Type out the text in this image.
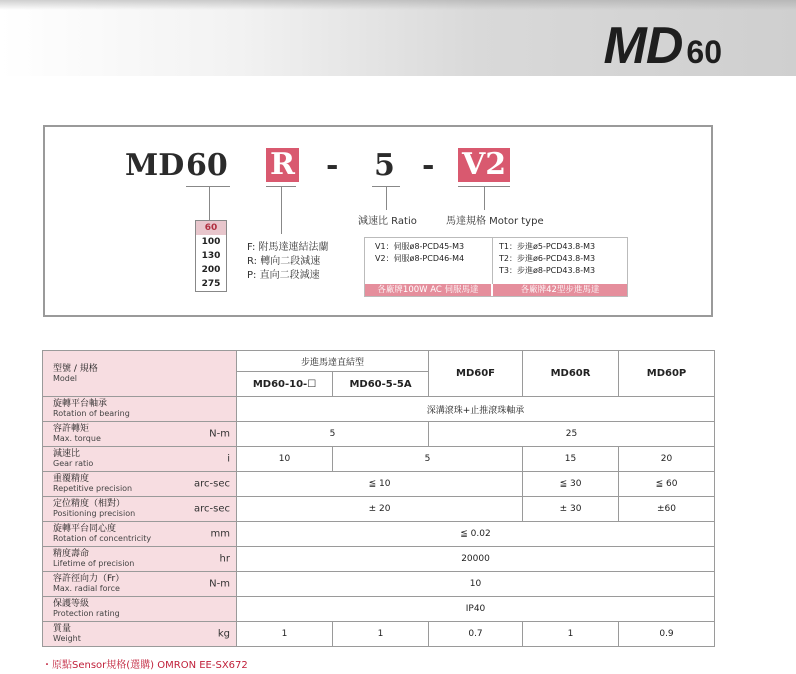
MD 60
MD 60 R - 5 - V2
減速比 Ratio	馬達規格 Motor type
F: 附馬達連結法蘭
R: 轉向二段減速
P: 直向二段減速
60
100
130
200
275
V1：伺服ø8-PCD45-M3
V2：伺服ø8-PCD46-M4
T1：步進ø5-PCD43.8-M3
T2：步進ø6-PCD43.8-M3
T3：步進ø8-PCD43.8-M3
各廠牌100W AC 伺服馬達	各廠牌42型步進馬達
型號 / 規格
Model	步進馬達直結型		MD60F	MD60R	MD60P
	MD60-10-☐	MD60-5-5A			

旋轉平台軸承
Rotation of bearing	深溝滾珠+止推滾珠軸承				

容許轉矩
Max. torque N-m	5		25		

減速比
Gear ratio i	10	5		15	20

重覆精度
Repetitive precision arc-sec	≦ 10			≦ 30	≦ 60

定位精度（相對）
Positioning precision arc-sec	± 20			± 30	±60

旋轉平台同心度
Rotation of concentricity mm	≦ 0.02				

精度壽命
Lifetime of precision hr	20000				

容許徑向力（Fr）
Max. radial force N-m	10				

保護等級
Protection rating	IP40				

質量
Weight kg	1	1	0.7	1	0.9
・原點Sensor規格(選購) OMRON EE-SX672
